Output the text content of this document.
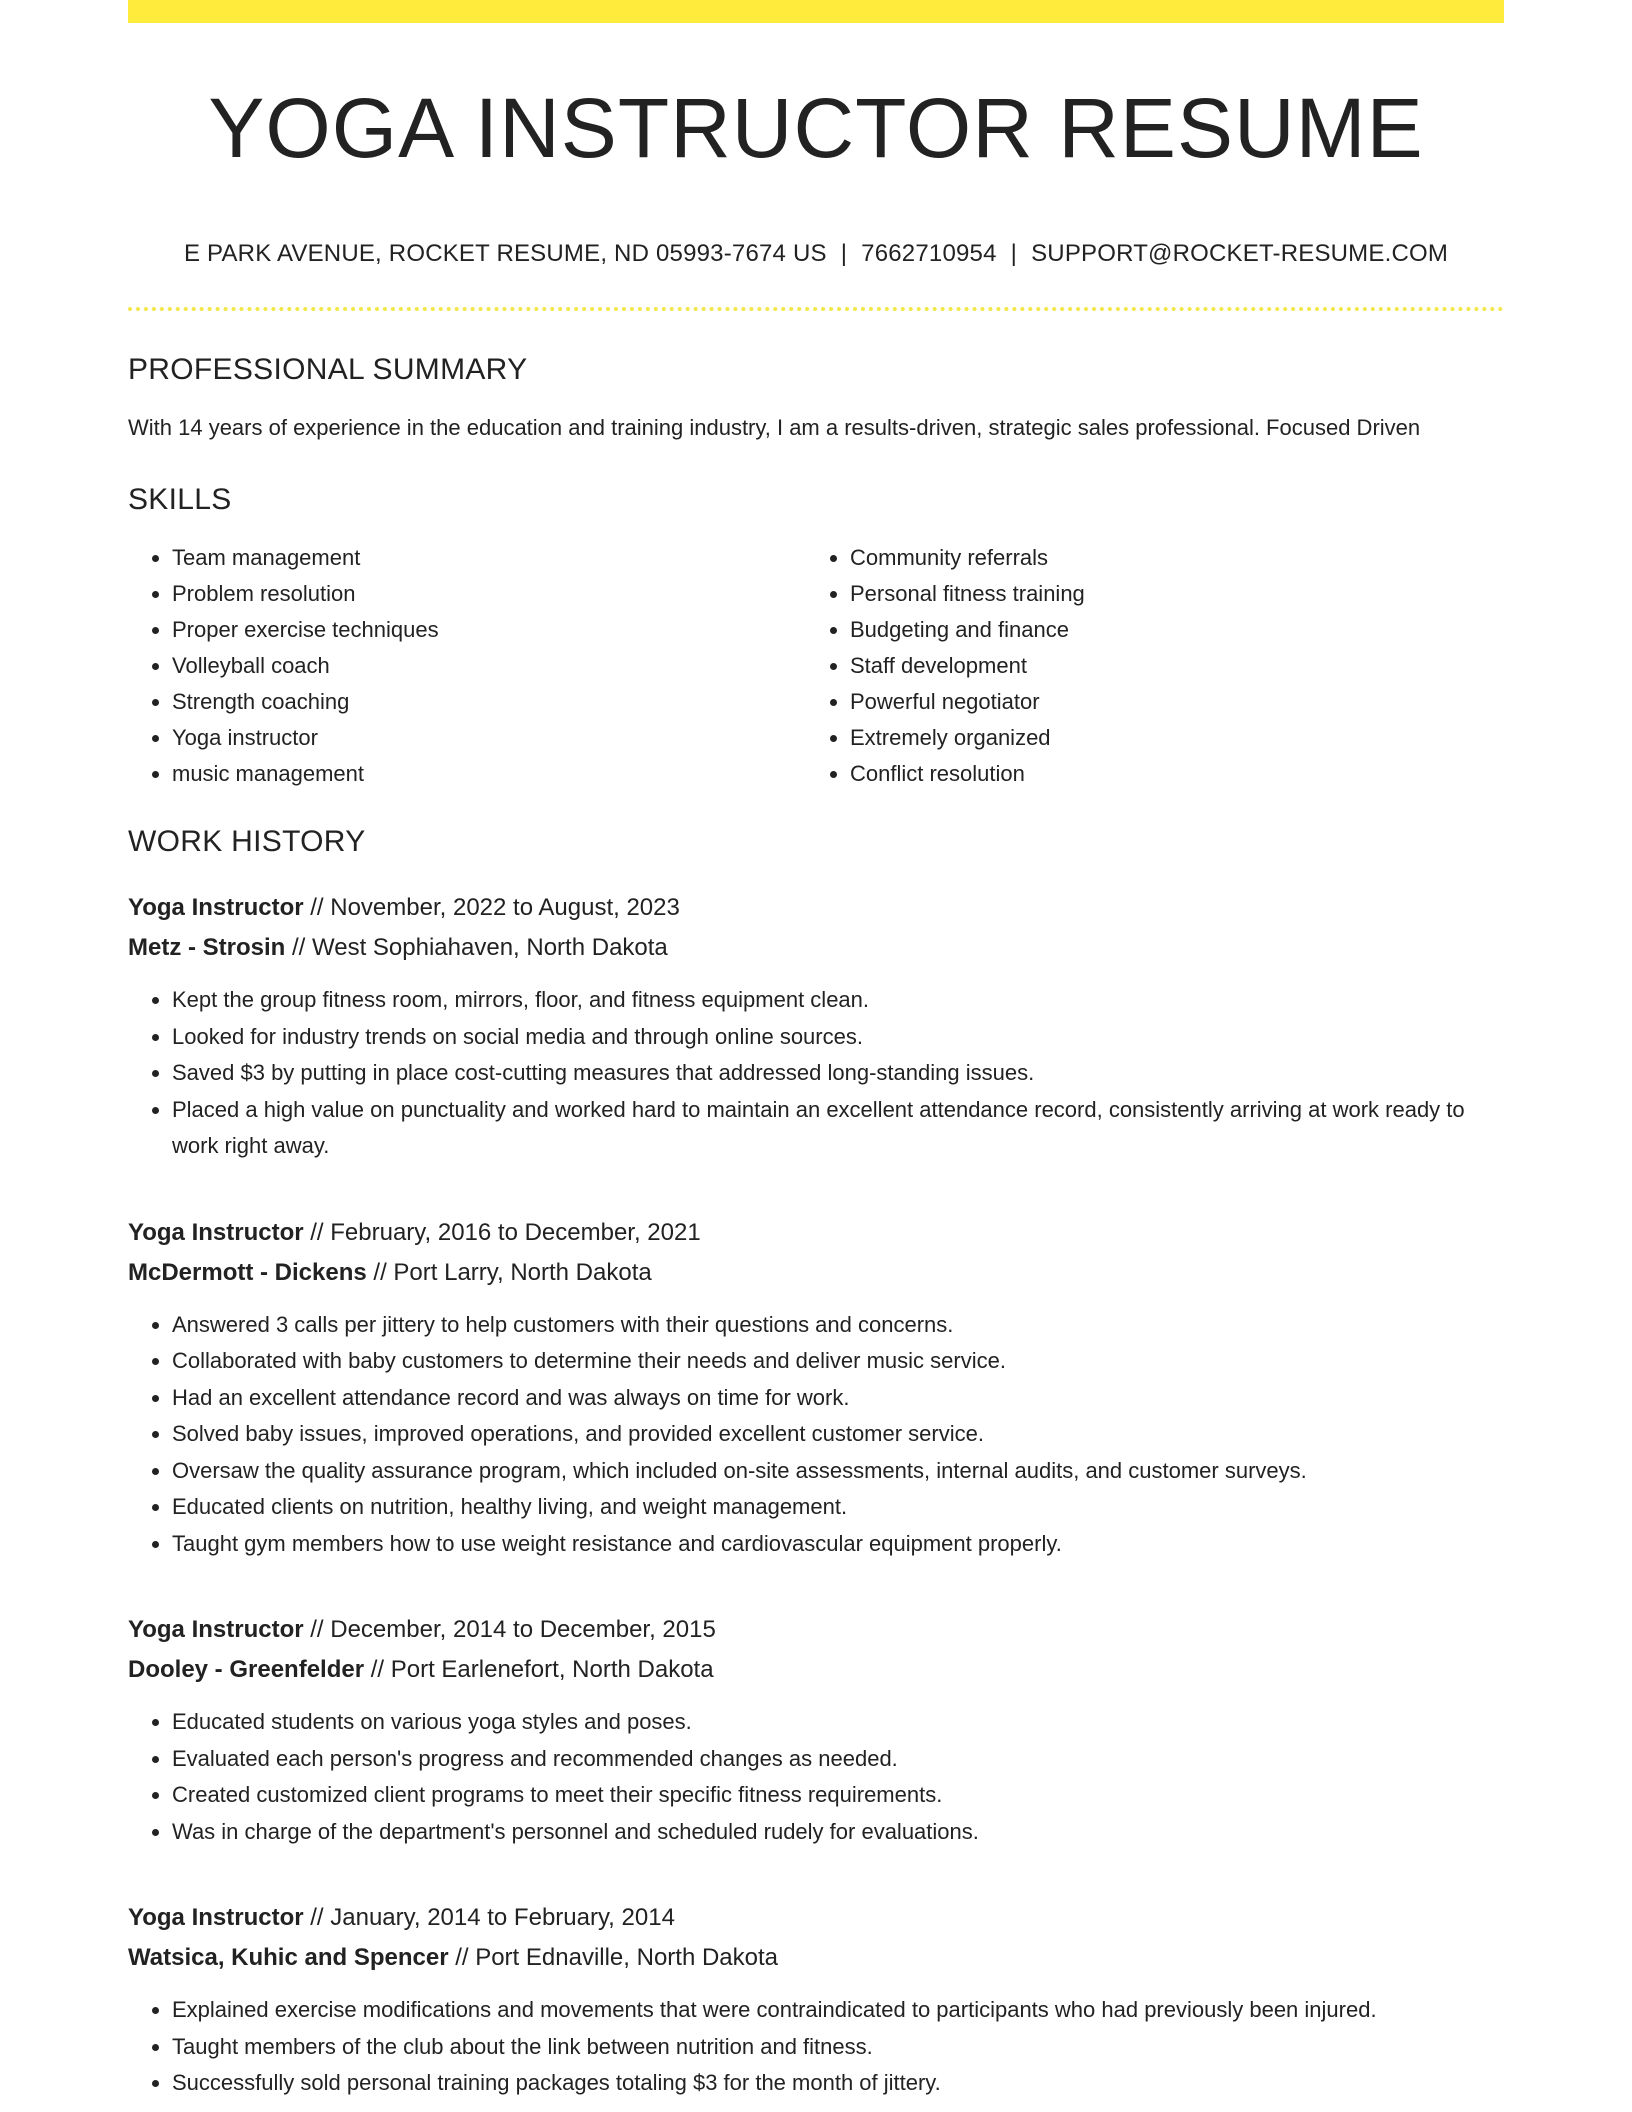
YOGA INSTRUCTOR RESUME
E PARK AVENUE, ROCKET RESUME, ND 05993-7674 US | 7662710954 | SUPPORT@ROCKET-RESUME.COM
PROFESSIONAL SUMMARY

With 14 years of experience in the education and training industry, I am a results-driven, strategic sales professional. Focused Driven

SKILLS
• Team management
• Problem resolution
• Proper exercise techniques
• Volleyball coach
• Strength coaching
• Yoga instructor
• music management
• Community referrals
• Personal fitness training
• Budgeting and finance
• Staff development
• Powerful negotiator
• Extremely organized
• Conflict resolution
WORK HISTORY
Yoga Instructor // November, 2022 to August, 2023
Metz - Strosin // West Sophiahaven, North Dakota
• Kept the group fitness room, mirrors, floor, and fitness equipment clean.
• Looked for industry trends on social media and through online sources.
• Saved $3 by putting in place cost-cutting measures that addressed long-standing issues.
• Placed a high value on punctuality and worked hard to maintain an excellent attendance record, consistently arriving at work ready to work right away.
Yoga Instructor // February, 2016 to December, 2021
McDermott - Dickens // Port Larry, North Dakota
• Answered 3 calls per jittery to help customers with their questions and concerns.
• Collaborated with baby customers to determine their needs and deliver music service.
• Had an excellent attendance record and was always on time for work.
• Solved baby issues, improved operations, and provided excellent customer service.
• Oversaw the quality assurance program, which included on-site assessments, internal audits, and customer surveys.
• Educated clients on nutrition, healthy living, and weight management.
• Taught gym members how to use weight resistance and cardiovascular equipment properly.
Yoga Instructor // December, 2014 to December, 2015
Dooley - Greenfelder // Port Earlenefort, North Dakota
• Educated students on various yoga styles and poses.
• Evaluated each person's progress and recommended changes as needed.
• Created customized client programs to meet their specific fitness requirements.
• Was in charge of the department's personnel and scheduled rudely for evaluations.
Yoga Instructor // January, 2014 to February, 2014
Watsica, Kuhic and Spencer // Port Ednaville, North Dakota
• Explained exercise modifications and movements that were contraindicated to participants who had previously been injured.
• Taught members of the club about the link between nutrition and fitness.
• Successfully sold personal training packages totaling $3 for the month of jittery.
